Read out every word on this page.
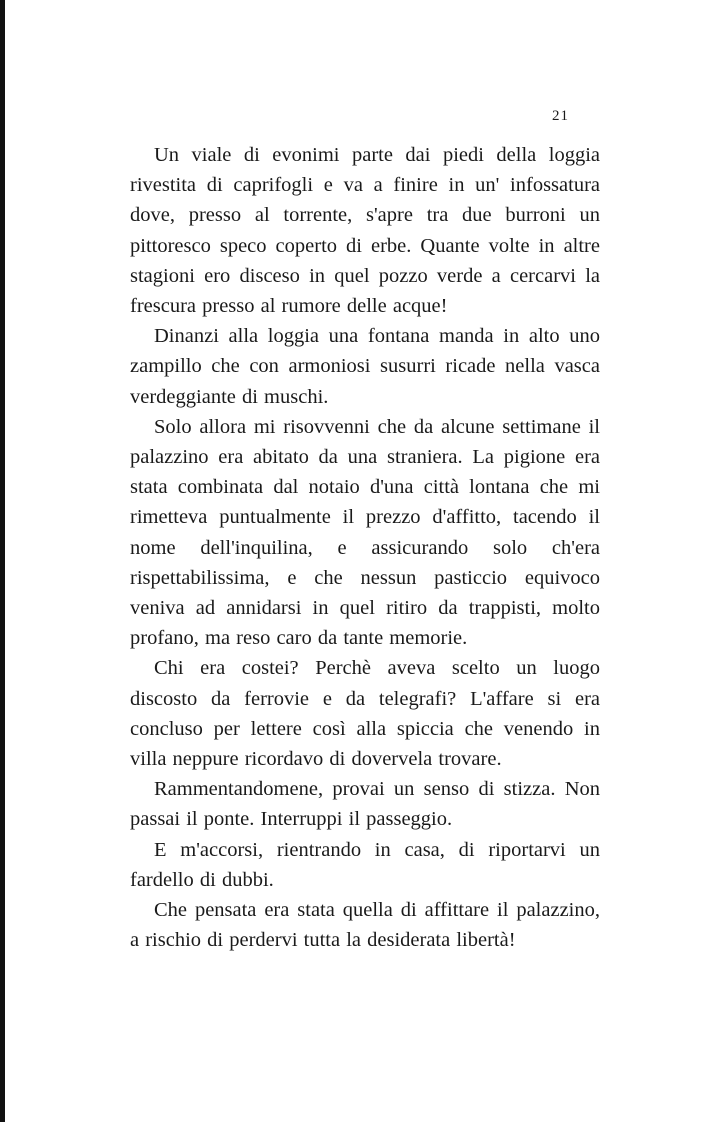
21

Un viale di evonimi parte dai piedi della loggia rivestita di caprifogli e va a finire in un' infossatura dove, presso al torrente, s'apre tra due burroni un pittoresco speco coperto di erbe. Quante volte in altre stagioni ero disceso in quel pozzo verde a cercarvi la frescura presso al rumore delle acque!

Dinanzi alla loggia una fontana manda in alto uno zampillo che con armoniosi susurri ricade nella vasca verdeggiante di muschi.

Solo allora mi risovvenni che da alcune settimane il palazzino era abitato da una straniera. La pigione era stata combinata dal notaio d'una città lontana che mi rimetteva puntualmente il prezzo d'affitto, tacendo il nome dell'inquilina, e assicurando solo ch'era rispettabilissima, e che nessun pasticcio equivoco veniva ad annidarsi in quel ritiro da trappisti, molto profano, ma reso caro da tante memorie.

Chi era costei? Perchè aveva scelto un luogo discosto da ferrovie e da telegrafi? L'affare si era concluso per lettere così alla spiccia che venendo in villa neppure ricordavo di dovervela trovare.

Rammentandomene, provai un senso di stizza. Non passai il ponte. Interruppi il passeggio.

E m'accorsi, rientrando in casa, di riportarvi un fardello di dubbi.

Che pensata era stata quella di affittare il palazzino, a rischio di perdervi tutta la desiderata libertà!
